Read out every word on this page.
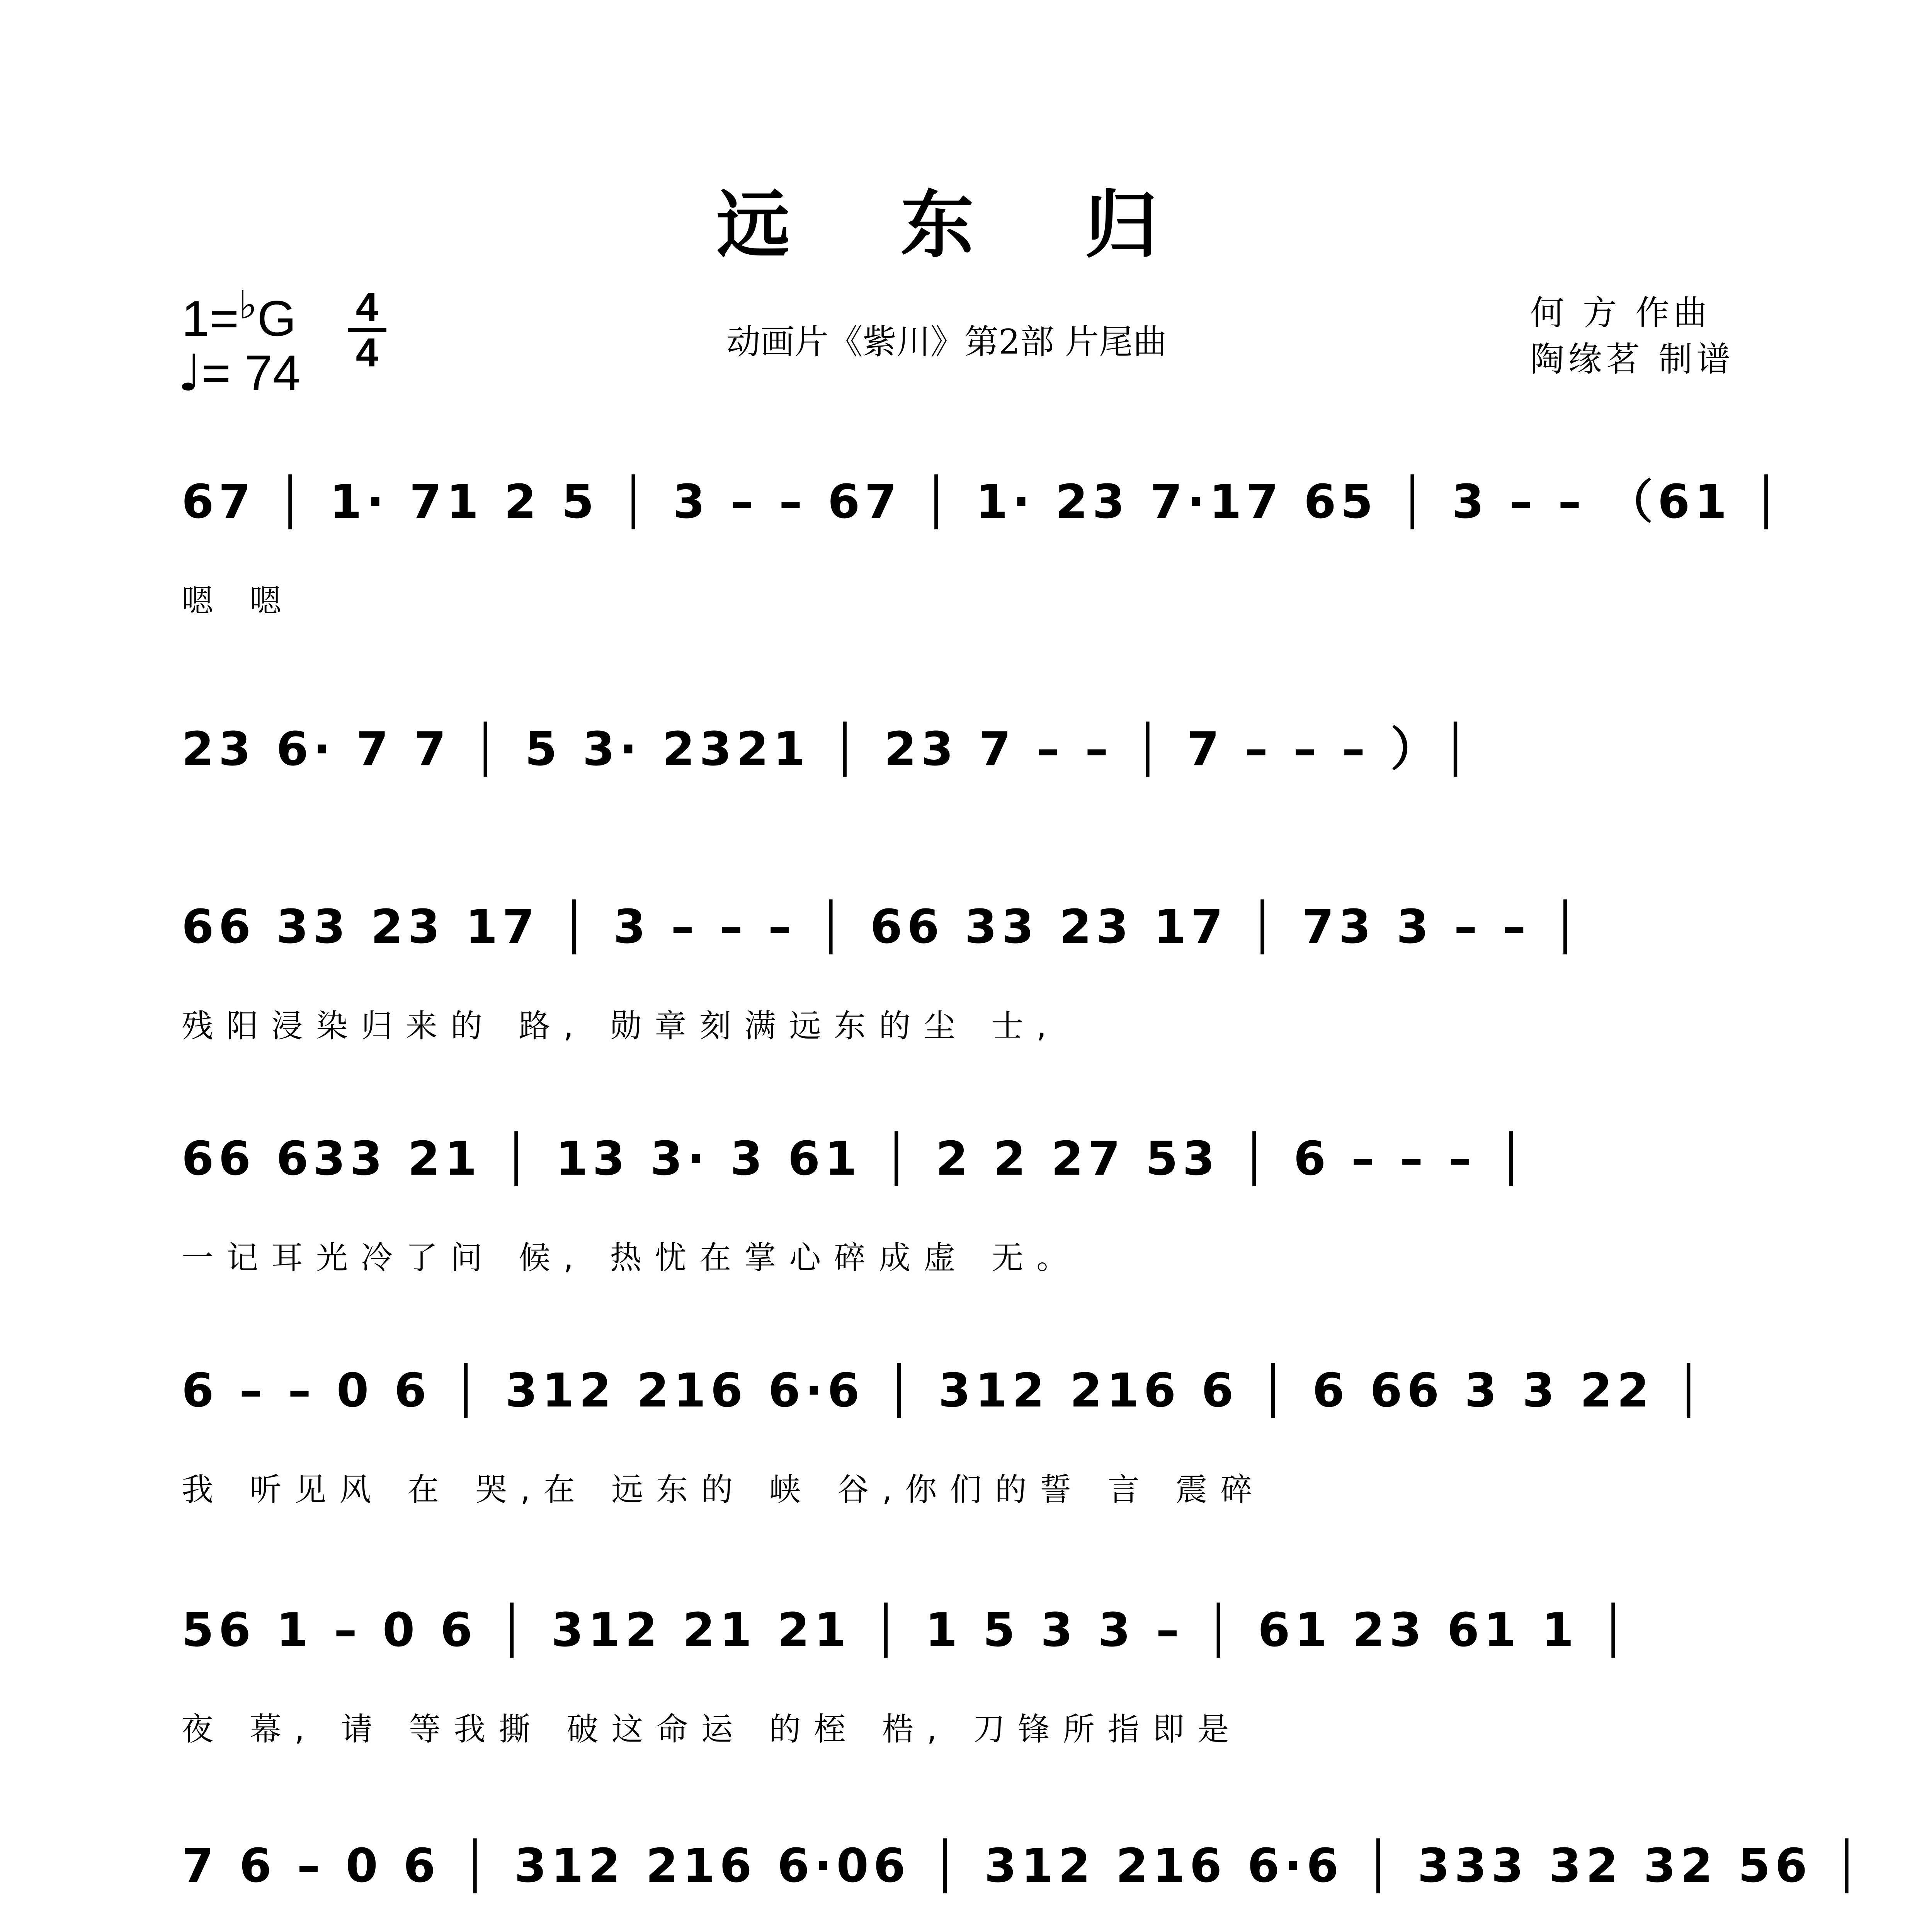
远 东 归
1=♭G 4
4
♩= 74
动画片《紫川》第2部 片尾曲
何 方 作曲
陶缘茗 制谱
67 │ 1· 71 2 5 │ 3 – – 67 │ 1· 23 7·17 65 │ 3 – – （61 │
嗯 嗯
23 6· 7 7 │ 5 3· 2321 │ 23 7 – – │ 7 – – – ）│
66 33 23 17 │ 3 – – – │ 66 33 23 17 │ 73 3 – – │
残阳浸染归来的 路, 勋章刻满远东的尘 士,
66 633 21 │ 13 3· 3 61 │ 2 2 27 53 │ 6 – – – │
一记耳光冷了问 候, 热忧在掌心碎成虚 无。
6 – – 0 6 │ 312 216 6·6 │ 312 216 6 │ 6 66 3 3 22 │
我 听见风 在 哭,在 远东的 峡 谷,你们的誓 言 震碎
56 1 – 0 6 │ 312 21 21 │ 1 5 3 3 – │ 61 23 61 1 │
夜 幕, 请 等我撕 破这命运 的桎 梏, 刀锋所指即是
7 6 – 0 6 │ 312 216 6·06 │ 312 216 6·6 │ 333 32 32 56 │
